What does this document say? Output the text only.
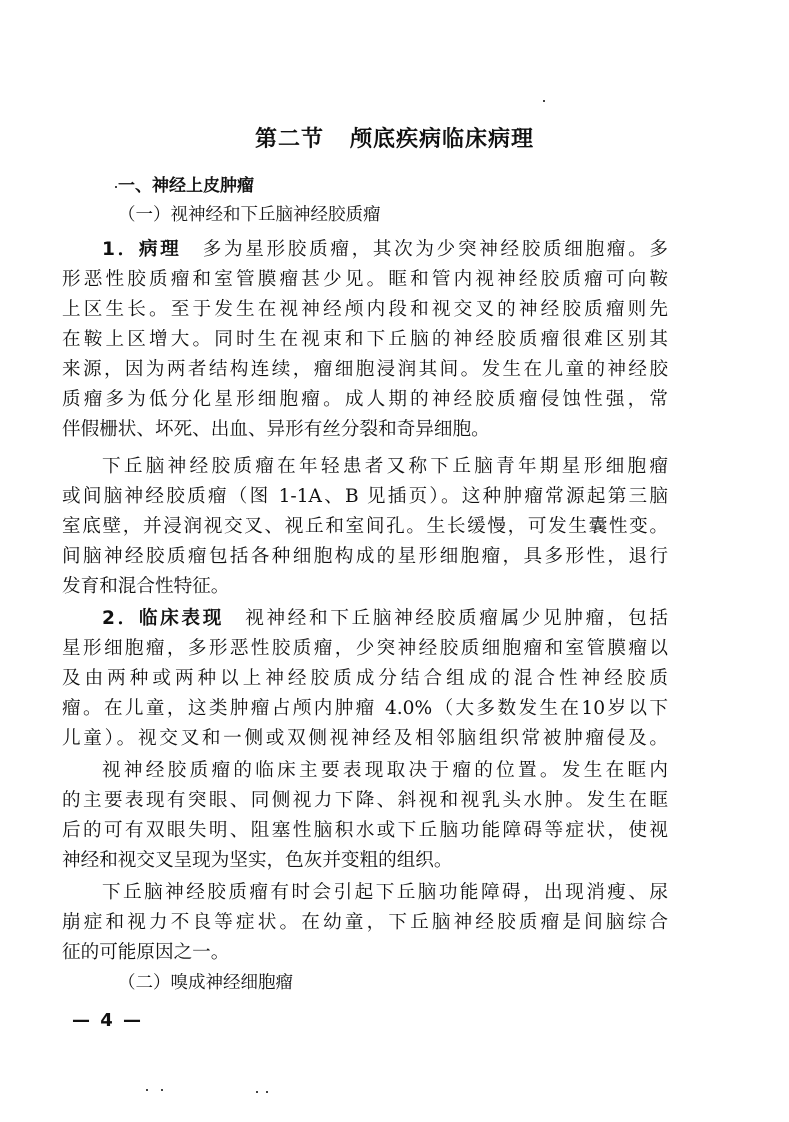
第二节 颅底疾病临床病理
一、神经上皮肿瘤
（一）视神经和下丘脑神经胶质瘤
1．病理　 多为星形胶质瘤，其次为少突神经胶质细胞瘤。多
形恶性胶质瘤和室管膜瘤甚少见。眶和管内视神经胶质瘤可向鞍
上区生长。至于发生在视神经颅内段和视交叉的神经胶质瘤则先
在鞍上区增大。同时生在视束和下丘脑的神经胶质瘤很难区别其
来源，因为两者结构连续，瘤细胞浸润其间。发生在儿童的神经胶
质瘤多为低分化星形细胞瘤。成人期的神经胶质瘤侵蚀性强，常
伴假栅状、坏死、出血、异形有丝分裂和奇异细胞。
下丘脑神经胶质瘤在年轻患者又称下丘脑青年期星形细胞瘤
或间脑神经胶质瘤（图 1-1A、B 见插页）。这种肿瘤常源起第三脑
室底壁，并浸润视交叉、视丘和室间孔。生长缓慢，可发生囊性变。
间脑神经胶质瘤包括各种细胞构成的星形细胞瘤，具多形性，退行
发育和混合性特征。
2．临床表现　 视神经和下丘脑神经胶质瘤属少见肿瘤，包括
星形细胞瘤，多形恶性胶质瘤，少突神经胶质细胞瘤和室管膜瘤以
及由两种或两种以上神经胶质成分结合组成的混合性神经胶质
瘤。在儿童，这类肿瘤占颅内肿瘤 4.0%（大多数发生在10岁以下
儿童）。视交叉和一侧或双侧视神经及相邻脑组织常被肿瘤侵及。
视神经胶质瘤的临床主要表现取决于瘤的位置。发生在眶内
的主要表现有突眼、同侧视力下降、斜视和视乳头水肿。发生在眶
后的可有双眼失明、阻塞性脑积水或下丘脑功能障碍等症状，使视
神经和视交叉呈现为坚实，色灰并变粗的组织。
下丘脑神经胶质瘤有时会引起下丘脑功能障碍，出现消瘦、尿
崩症和视力不良等症状。在幼童，下丘脑神经胶质瘤是间脑综合
征的可能原因之一。
（二）嗅成神经细胞瘤
— 4 —
